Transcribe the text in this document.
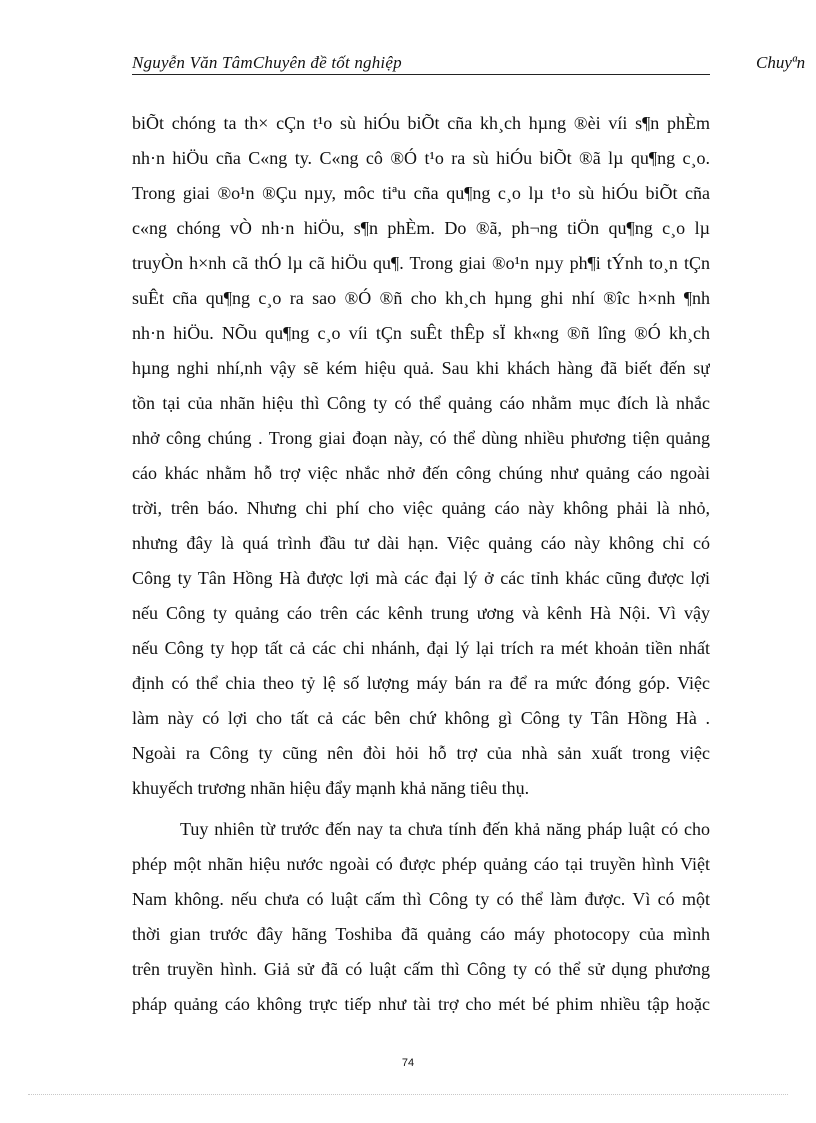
Nguyễn Văn TâmChuyên đề tốt nghiệp	Chuyªn
biÕt chóng ta th× cÇn t¹o sù hiÓu biÕt cña kh¸ch hµng ®èi víi s¶n phÈm
nh·n hiÖu cña C«ng ty. C«ng cô ®Ó t¹o ra sù hiÓu biÕt ®ã lµ qu¶ng c¸o.
Trong giai ®o¹n ®Çu nµy, môc tiªu cña qu¶ng c¸o lµ t¹o sù hiÓu biÕt cña
c«ng chóng vÒ nh·n hiÖu, s¶n phÈm. Do ®ã, ph¬ng tiÖn qu¶ng c¸o lµ
truyÒn h×nh cã thÓ lµ cã hiÖu qu¶. Trong giai ®o¹n nµy ph¶i tÝnh to¸n tÇn
suÊt cña qu¶ng c¸o ra sao ®Ó ®ñ cho kh¸ch hµng ghi nhí ®îc h×nh ¶nh
nh·n hiÖu. NÕu qu¶ng c¸o víi tÇn suÊt thÊp sÏ kh«ng ®ñ lîng ®Ó kh¸ch
hµng nghi nhí,nh vậy sẽ kém hiệu quả. Sau khi khách hàng đã biết đến sự
tồn tại của nhãn hiệu thì Công ty có thể quảng cáo nhằm mục đích là nhắc
nhở công chúng . Trong giai đoạn này, có thể dùng nhiều phương tiện quảng
cáo khác nhằm hỗ trợ việc nhắc nhở đến công chúng như quảng cáo ngoài
trời, trên báo. Nhưng chi phí cho việc quảng cáo này không phải là nhỏ,
nhưng đây là quá trình đầu tư dài hạn. Việc quảng cáo này không chỉ có
Công ty Tân Hồng Hà được lợi mà các đại lý ở các tỉnh khác cũng được lợi
nếu Công ty quảng cáo trên các kênh trung ương và kênh Hà Nội. Vì vậy
nếu Công ty họp tất cả các chi nhánh, đại lý lại trích ra mét khoản tiền nhất
định có thể chia theo tỷ lệ số lượng máy bán ra để ra mức đóng góp. Việc
làm này có lợi cho tất cả các bên chứ không gì Công ty Tân Hồng Hà .
Ngoài ra Công ty cũng nên đòi hỏi hỗ trợ của nhà sản xuất trong việc
khuyếch trương nhãn hiệu đẩy mạnh khả năng tiêu thụ.
Tuy nhiên từ trước đến nay ta chưa tính đến khả năng pháp luật có cho
phép một nhãn hiệu nước ngoài có được phép quảng cáo tại truyền hình Việt
Nam không. nếu chưa có luật cấm thì Công ty có thể làm được. Vì có một
thời gian trước đây hãng Toshiba đã quảng cáo máy photocopy của mình
trên truyền hình. Giả sử đã có luật cấm thì Công ty có thể sử dụng phương
pháp quảng cáo không trực tiếp như tài trợ cho mét bé phim nhiều tập hoặc
74
